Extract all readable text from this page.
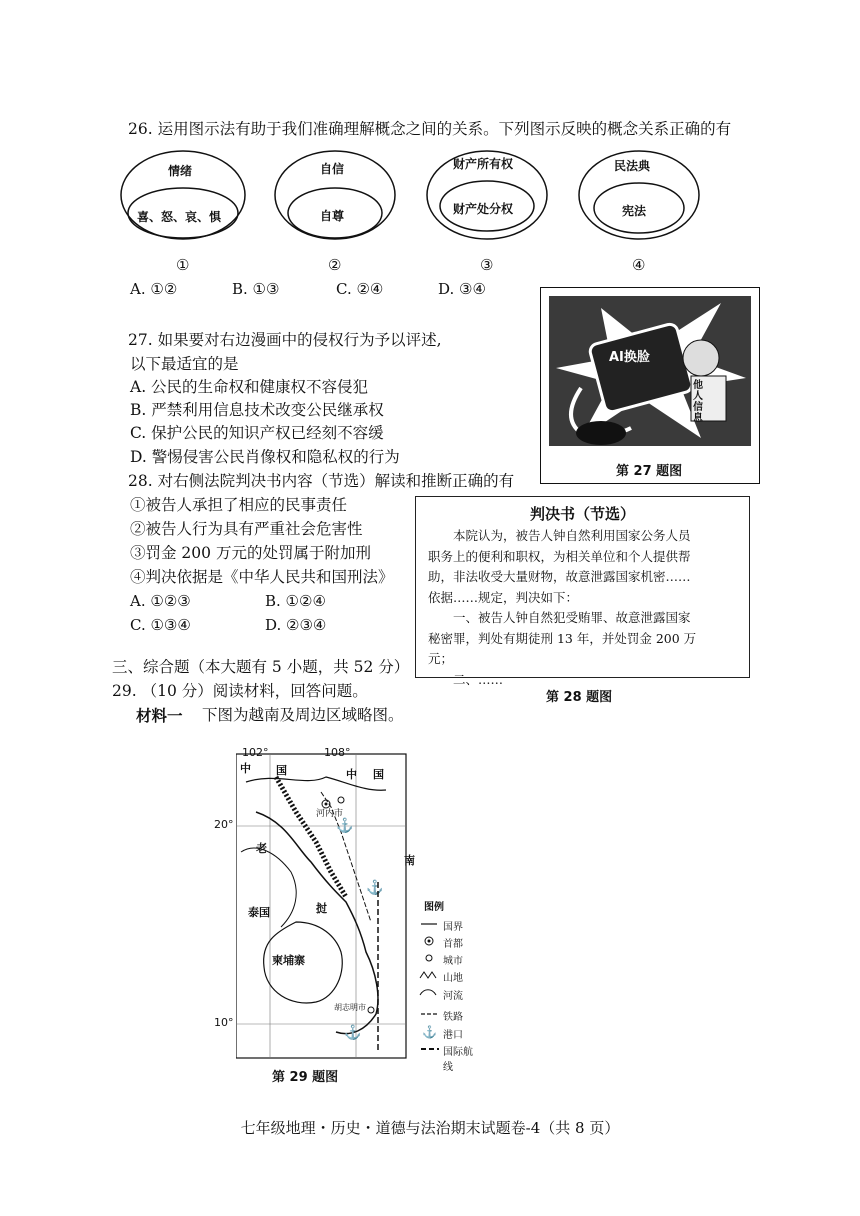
26. 运用图示法有助于我们准确理解概念之间的关系。下列图示反映的概念关系正确的有
情绪
喜、怒、哀、惧
自信
自尊
财产所有权
财产处分权
民法典
宪法
①	②	③	④
A. ①②	B. ①③	C. ②④	D. ③④
AI换脸
他人信息
第 27 题图
27. 如果要对右边漫画中的侵权行为予以评述,
以下最适宜的是
A. 公民的生命权和健康权不容侵犯
B. 严禁利用信息技术改变公民继承权
C. 保护公民的知识产权已经刻不容缓
D. 警惕侵害公民肖像权和隐私权的行为
28. 对右侧法院判决书内容（节选）解读和推断正确的有
①被告人承担了相应的民事责任
②被告人行为具有严重社会危害性
③罚金 200 万元的处罚属于附加刑
④判决依据是《中华人民共和国刑法》
A. ①②③	B. ①②④
C. ①③④	D. ②③④
判决书（节选）
本院认为，被告人钟自然利用国家公务人员
职务上的便利和职权，为相关单位和个人提供帮
助，非法收受大量财物，故意泄露国家机密……
依据……规定，判决如下：
一、被告人钟自然犯受贿罪、故意泄露国家
秘密罪，判处有期徒刑 13 年，并处罚金 200 万
元；
二、……
第 28 题图
三、综合题（本大题有 5 小题，共 52 分）
29. （10 分）阅读材料，回答问题。
材料一 下图为越南及周边区域略图。
⚓
⚓
⚓	⚓
102°	108°
20°
10°
中 国	中 国
老
泰国	挝
柬埔寨
南
河内市
胡志明市
图例
国界
首都
城市
山地
河流
铁路
港口
国际航线
第 29 题图
七年级地理・历史・道德与法治期末试题卷-4（共 8 页）
